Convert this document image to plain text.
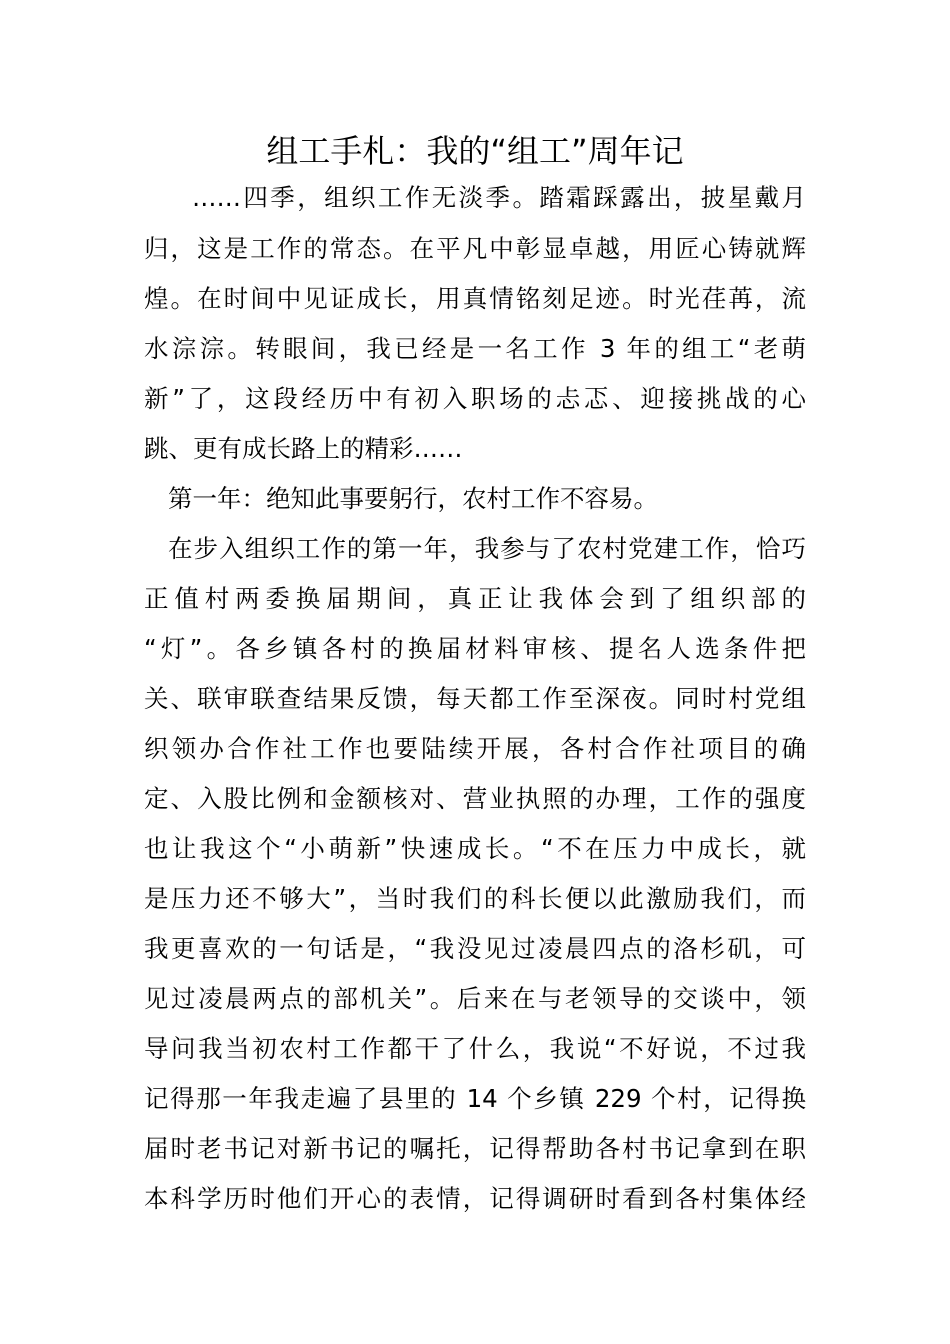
组工手札：我的“组工”周年记
……四季，组织工作无淡季。踏霜踩露出，披星戴月
归，这是工作的常态。在平凡中彰显卓越，用匠心铸就辉
煌。在时间中见证成长，用真情铭刻足迹。时光荏苒，流
水淙淙。转眼间，我已经是一名工作 3 年的组工“老萌
新”了，这段经历中有初入职场的忐忑、迎接挑战的心
跳、更有成长路上的精彩……
第一年：绝知此事要躬行，农村工作不容易。
在步入组织工作的第一年，我参与了农村党建工作，恰巧
正值村两委换届期间，真正让我体会到了组织部的
“灯”。各乡镇各村的换届材料审核、提名人选条件把
关、联审联查结果反馈，每天都工作至深夜。同时村党组
织领办合作社工作也要陆续开展，各村合作社项目的确
定、入股比例和金额核对、营业执照的办理，工作的强度
也让我这个“小萌新”快速成长。“不在压力中成长，就
是压力还不够大”，当时我们的科长便以此激励我们，而
我更喜欢的一句话是，“我没见过凌晨四点的洛杉矶，可
见过凌晨两点的部机关”。后来在与老领导的交谈中，领
导问我当初农村工作都干了什么，我说“不好说，不过我
记得那一年我走遍了县里的 14 个乡镇 229 个村，记得换
届时老书记对新书记的嘱托，记得帮助各村书记拿到在职
本科学历时他们开心的表情，记得调研时看到各村集体经
